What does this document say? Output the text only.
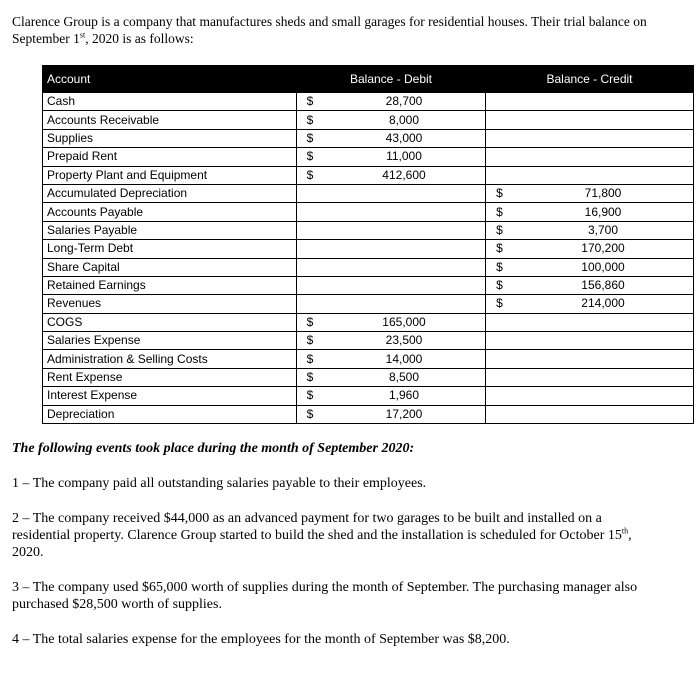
Clarence Group is a company that manufactures sheds and small garages for residential houses. Their trial balance on
September 1st, 2020 is as follows:
Account	Balance - Debit		Balance - Credit	
Cash	$	28,700		
Accounts Receivable	$	8,000		
Supplies	$	43,000		
Prepaid Rent	$	11,000		
Property Plant and Equipment	$	412,600		
Accumulated Depreciation			$	71,800
Accounts Payable			$	16,900
Salaries Payable			$	3,700
Long-Term Debt			$	170,200
Share Capital			$	100,000
Retained Earnings			$	156,860
Revenues			$	214,000
COGS	$	165,000		
Salaries Expense	$	23,500		
Administration & Selling Costs	$	14,000		
Rent Expense	$	8,500		
Interest Expense	$	1,960		
Depreciation	$	17,200		

The following events took place during the month of September 2020:

1 – The company paid all outstanding salaries payable to their employees.

2 – The company received $44,000 as an advanced payment for two garages to be built and installed on a

residential property. Clarence Group started to build the shed and the installation is scheduled for October 15th,

2020.

3 – The company used $65,000 worth of supplies during the month of September. The purchasing manager also

purchased $28,500 worth of supplies.

4 – The total salaries expense for the employees for the month of September was $8,200.
